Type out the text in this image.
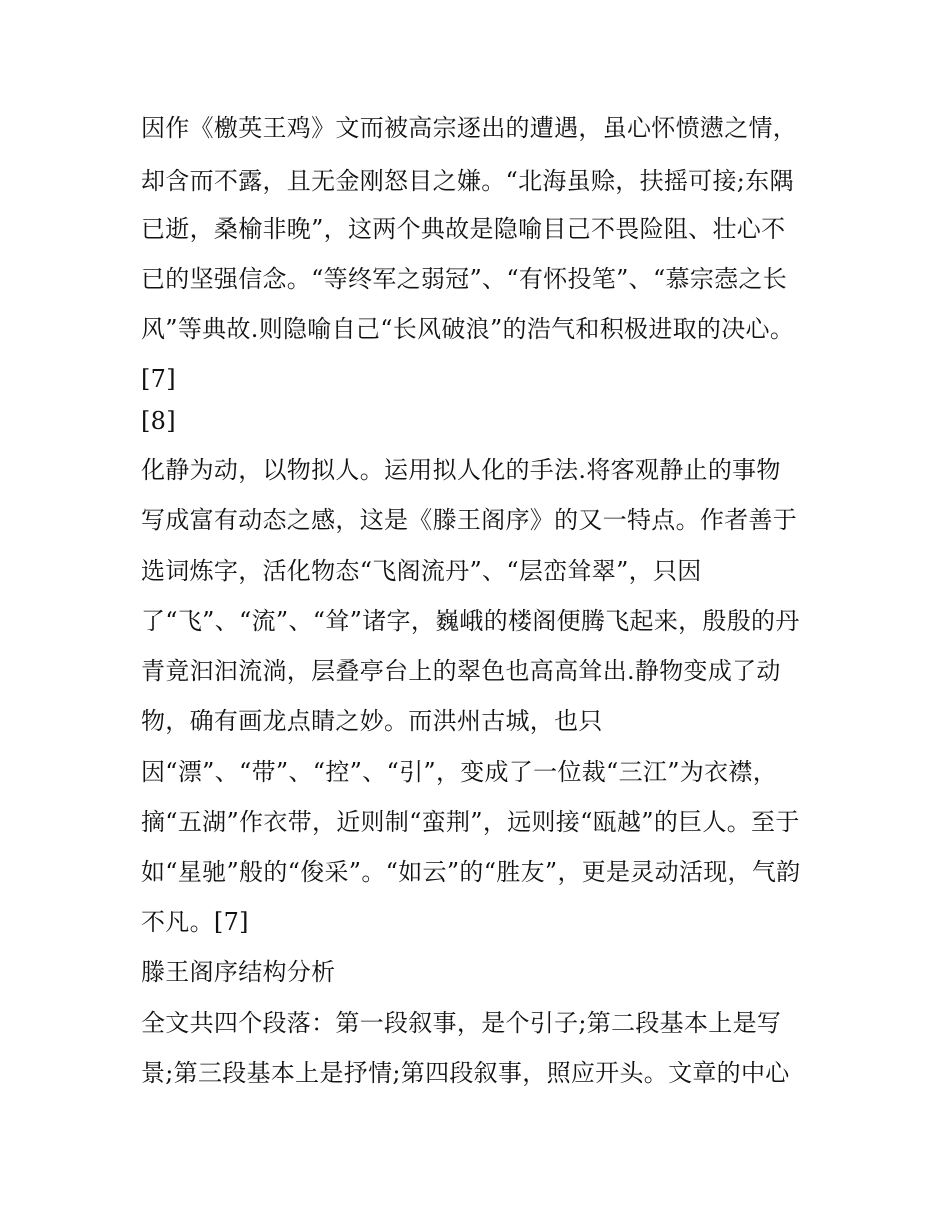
因作《檄英王鸡》文而被高宗逐出的遭遇，虽心怀愤懑之情，
却含而不露，且无金刚怒目之嫌。“北海虽赊，扶摇可接;东隅
已逝，桑榆非晚”，这两个典故是隐喻目己不畏险阻、壮心不
已的坚强信念。“等终军之弱冠”、“有怀投笔”、“慕宗悫之长
风”等典故.则隐喻自己“长风破浪”的浩气和积极进取的决心。
[7]
[8]
化静为动，以物拟人。运用拟人化的手法.将客观静止的事物
写成富有动态之感，这是《滕王阁序》的又一特点。作者善于
选词炼字，活化物态“飞阁流丹”、“层峦耸翠”，只因
了“飞”、“流”、“耸”诸字，巍峨的楼阁便腾飞起来，殷殷的丹
青竟汩汩流淌，层叠亭台上的翠色也高高耸出.静物变成了动
物，确有画龙点睛之妙。而洪州古城，也只
因“漂”、“带”、“控”、“引”，变成了一位裁“三江”为衣襟，
摘“五湖”作衣带，近则制“蛮荆”，远则接“瓯越”的巨人。至于
如“星驰”般的“俊采”。“如云”的“胜友”，更是灵动活现，气韵
不凡。[7]
滕王阁序结构分析
全文共四个段落：第一段叙事，是个引子;第二段基本上是写
景;第三段基本上是抒情;第四段叙事，照应开头。文章的中心
